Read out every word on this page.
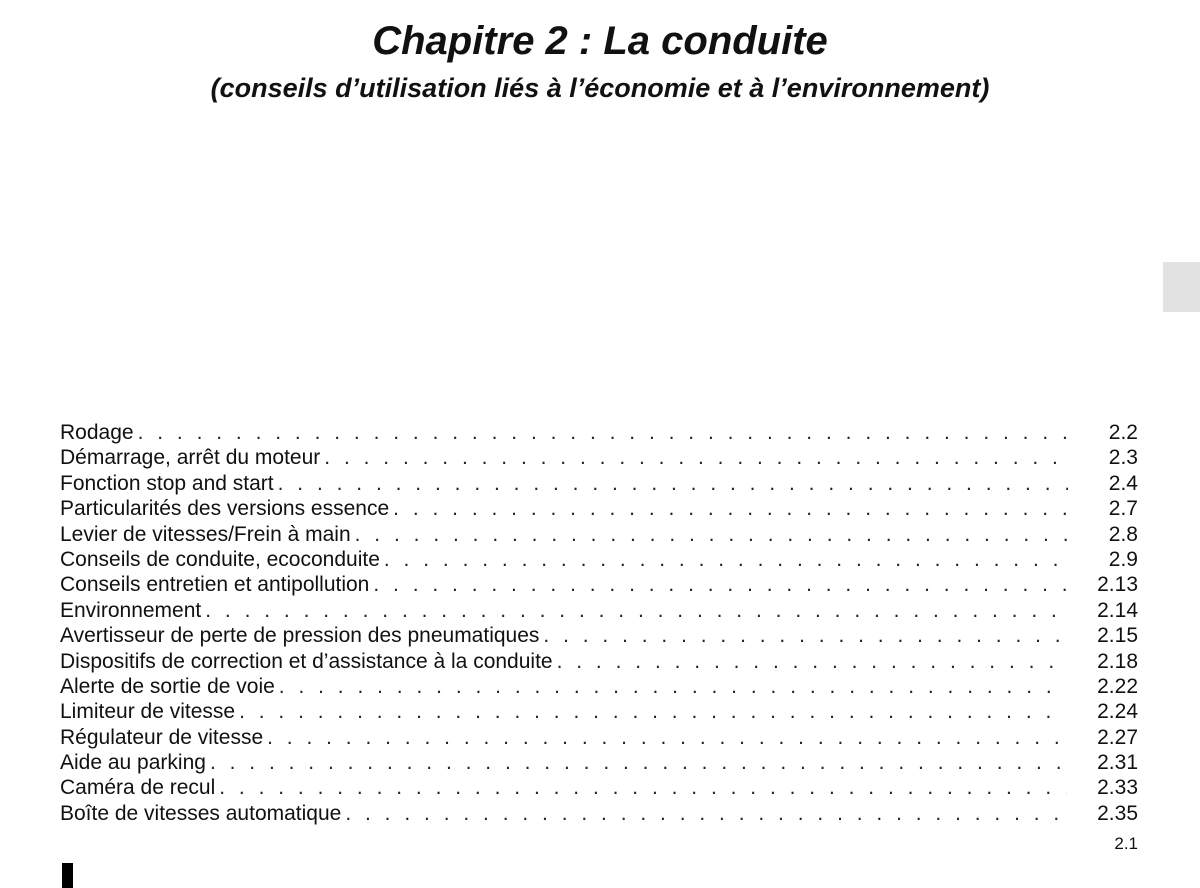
Chapitre 2 : La conduite
(conseils d’utilisation liés à l’économie et à l’environnement)
Rodage . . .	2.2
Démarrage, arrêt du moteur . . .	2.3
Fonction stop and start . . .	2.4
Particularités des versions essence . . .	2.7
Levier de vitesses/Frein à main . . .	2.8
Conseils de conduite, ecoconduite . . .	2.9
Conseils entretien et antipollution . . .	2.13
Environnement . . .	2.14
Avertisseur de perte de pression des pneumatiques . . .	2.15
Dispositifs de correction et d’assistance à la conduite . . .	2.18
Alerte de sortie de voie . . .	2.22
Limiteur de vitesse . . .	2.24
Régulateur de vitesse . . .	2.27
Aide au parking . . .	2.31
Caméra de recul . . .	2.33
Boîte de vitesses automatique . . .	2.35
2.1
